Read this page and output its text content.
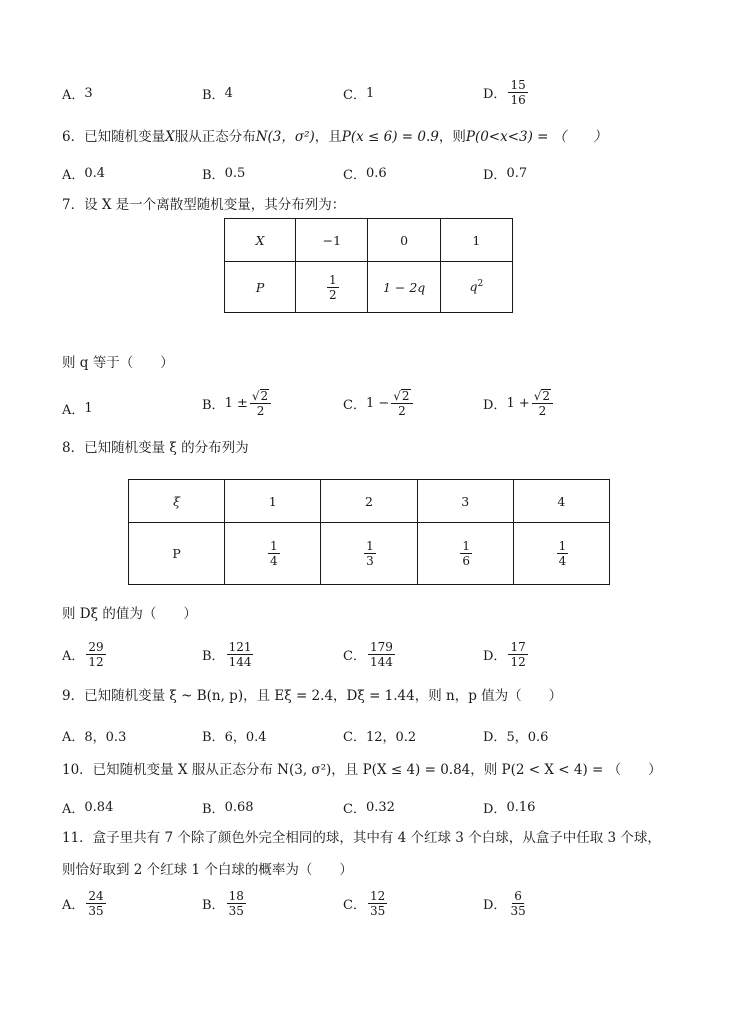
A． 3	B． 4	C． 1	D． $\frac{15}{16}$
6．已知随机变量X服从正态分布N(3，σ²)，且P(x ≤ 6) = 0.9，则P(0<x<3) = （　　）
A． 0.4	B． 0.5	C． 0.6	D． 0.7
7．设 X 是一个离散型随机变量，其分布列为：
X	−1	0	1
P	$\frac{1}{2}$	1 − 2q	$q^2$
则 q 等于（　　）
A． 1	B． $1 \pm \frac{√ 2}{2}$	C． $1 - \frac{√ 2}{2}$	D． $1 + \frac{√ 2}{2}$
8．已知随机变量 ξ 的分布列为
ξ	1	2	3	4
P	$\frac{1}{4}$	$\frac{1}{3}$	$\frac{1}{6}$	$\frac{1}{4}$
则 Dξ 的值为（　　）
A． $\frac{29}{12}$	B． $\frac{121}{144}$	C． $\frac{179}{144}$	D． $\frac{17}{12}$
9．已知随机变量 ξ ~ B(n, p)，且 Eξ = 2.4，Dξ = 1.44，则 n，p 值为（　　）
A． 8，0.3	B． 6，0.4	C． 12，0.2	D． 5，0.6
10．已知随机变量 X 服从正态分布 N(3, σ²)，且 P(X ≤ 4) = 0.84，则 P(2 < X < 4) = （　　）
A． 0.84	B． 0.68	C． 0.32	D． 0.16
11．盒子里共有 7 个除了颜色外完全相同的球，其中有 4 个红球 3 个白球，从盒子中任取 3 个球，
则恰好取到 2 个红球 1 个白球的概率为（　　）
A． $\frac{24}{35}$	B． $\frac{18}{35}$	C． $\frac{12}{35}$	D． $\frac{6}{35}$
